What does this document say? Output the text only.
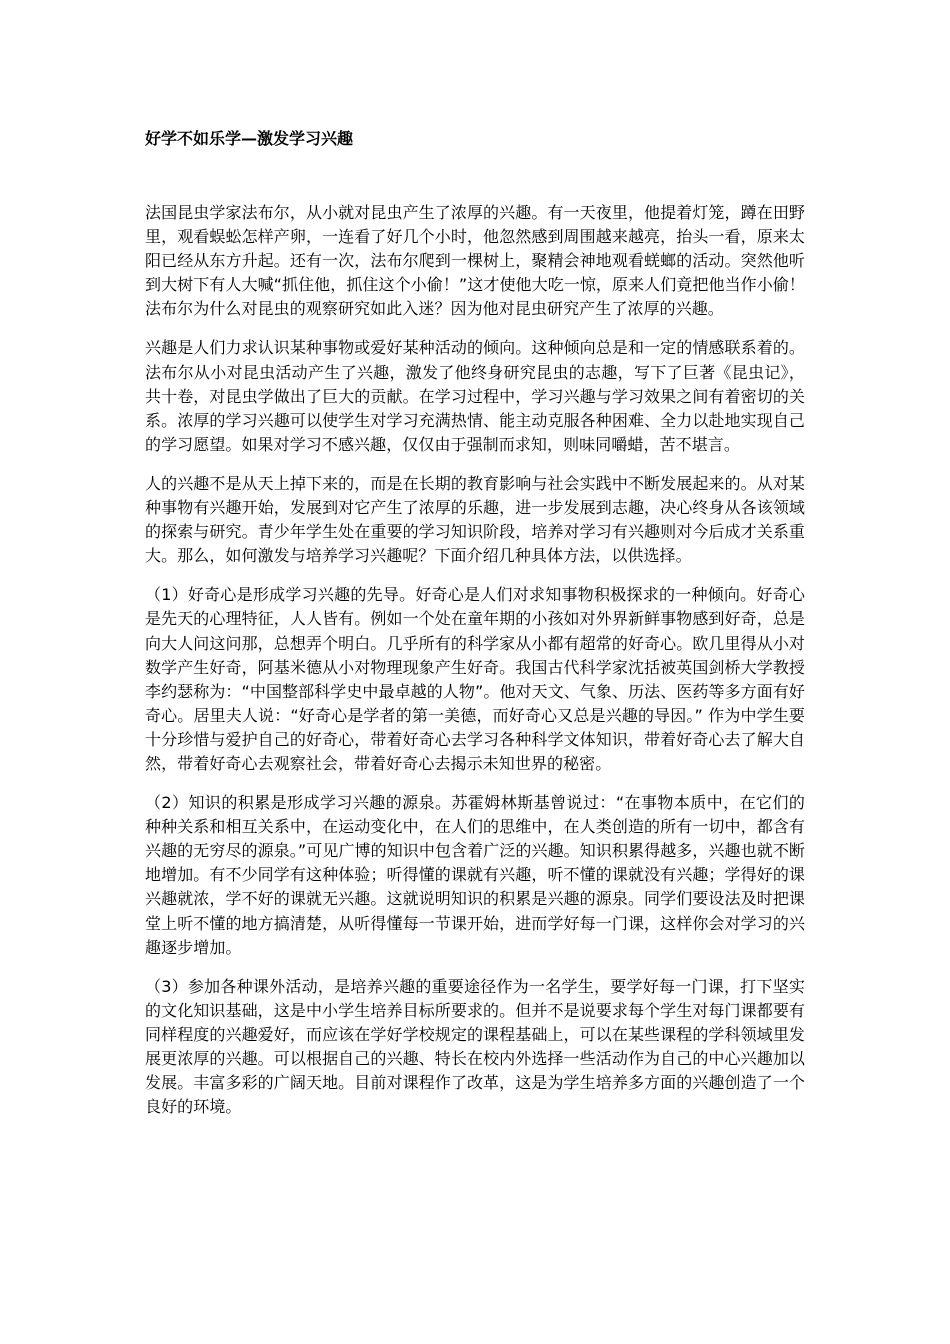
好学不如乐学—激发学习兴趣

法国昆虫学家法布尔，从小就对昆虫产生了浓厚的兴趣。有一天夜里，他提着灯笼，蹲在田野里，观看蜈蚣怎样产卵，一连看了好几个小时，他忽然感到周围越来越亮，抬头一看，原来太阳已经从东方升起。还有一次，法布尔爬到一棵树上，聚精会神地观看蜣螂的活动。突然他听到大树下有人大喊“抓住他，抓住这个小偷！”这才使他大吃一惊，原来人们竟把他当作小偷！法布尔为什么对昆虫的观察研究如此入迷？因为他对昆虫研究产生了浓厚的兴趣。

兴趣是人们力求认识某种事物或爱好某种活动的倾向。这种倾向总是和一定的情感联系着的。法布尔从小对昆虫活动产生了兴趣，激发了他终身研究昆虫的志趣，写下了巨著《昆虫记》，共十卷，对昆虫学做出了巨大的贡献。在学习过程中，学习兴趣与学习效果之间有着密切的关系。浓厚的学习兴趣可以使学生对学习充满热情、能主动克服各种困难、全力以赴地实现自己的学习愿望。如果对学习不感兴趣，仅仅由于强制而求知，则味同嚼蜡，苦不堪言。

人的兴趣不是从天上掉下来的，而是在长期的教育影响与社会实践中不断发展起来的。从对某种事物有兴趣开始，发展到对它产生了浓厚的乐趣，进一步发展到志趣，决心终身从各该领域的探索与研究。青少年学生处在重要的学习知识阶段，培养对学习有兴趣则对今后成才关系重大。那么，如何激发与培养学习兴趣呢？下面介绍几种具体方法，以供选择。

（1）好奇心是形成学习兴趣的先导。好奇心是人们对求知事物积极探求的一种倾向。好奇心是先天的心理特征，人人皆有。例如一个处在童年期的小孩如对外界新鲜事物感到好奇，总是向大人问这问那，总想弄个明白。几乎所有的科学家从小都有超常的好奇心。欧几里得从小对数学产生好奇，阿基米德从小对物理现象产生好奇。我国古代科学家沈括被英国剑桥大学教授李约瑟称为：“中国整部科学史中最卓越的人物”。他对天文、气象、历法、医药等多方面有好奇心。居里夫人说：“好奇心是学者的第一美德，而好奇心又总是兴趣的导因。” 作为中学生要十分珍惜与爱护自己的好奇心，带着好奇心去学习各种科学文体知识，带着好奇心去了解大自然，带着好奇心去观察社会，带着好奇心去揭示未知世界的秘密。

（2）知识的积累是形成学习兴趣的源泉。苏霍姆林斯基曾说过：“在事物本质中，在它们的种种关系和相互关系中，在运动变化中，在人们的思维中，在人类创造的所有一切中，都含有兴趣的无穷尽的源泉。”可见广博的知识中包含着广泛的兴趣。知识积累得越多，兴趣也就不断地增加。有不少同学有这种体验；听得懂的课就有兴趣，听不懂的课就没有兴趣；学得好的课兴趣就浓，学不好的课就无兴趣。这就说明知识的积累是兴趣的源泉。同学们要设法及时把课堂上听不懂的地方搞清楚，从听得懂每一节课开始，进而学好每一门课，这样你会对学习的兴趣逐步增加。

（3）参加各种课外活动，是培养兴趣的重要途径作为一名学生，要学好每一门课，打下坚实的文化知识基础，这是中小学生培养目标所要求的。但并不是说要求每个学生对每门课都要有同样程度的兴趣爱好，而应该在学好学校规定的课程基础上，可以在某些课程的学科领域里发展更浓厚的兴趣。可以根据自己的兴趣、特长在校内外选择一些活动作为自己的中心兴趣加以发展。丰富多彩的广阔天地。目前对课程作了改革，这是为学生培养多方面的兴趣创造了一个良好的环境。
